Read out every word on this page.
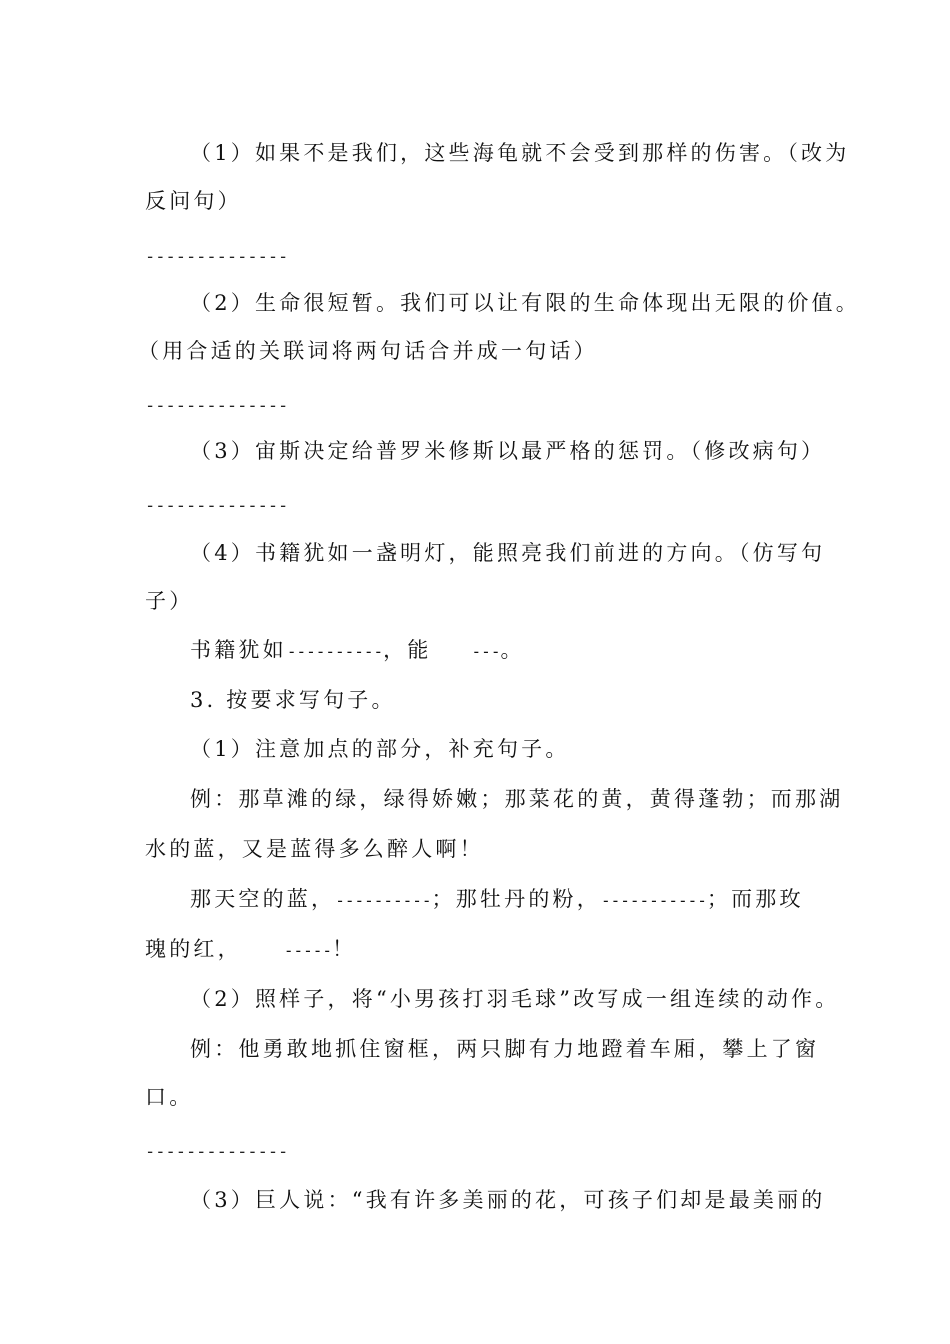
（1）如果不是我们，这些海龟就不会受到那样的伤害。（改为
反问句）
--------------
（2）生命很短暂。我们可以让有限的生命体现出无限的价值。
（用合适的关联词将两句话合并成一句话）
--------------
（3）宙斯决定给普罗米修斯以最严格的惩罚。（修改病句）
--------------
（4）书籍犹如一盏明灯，能照亮我们前进的方向。（仿写句
子）
书籍犹如----------，能	---。
3. 按要求写句子。
（1）注意加点的部分，补充句子。
例：那草滩的绿，绿得娇嫩；那菜花的黄，黄得蓬勃；而那湖
水的蓝，又是蓝得多么醉人啊！
那天空的蓝，----------；那牡丹的粉，-----------；而那玫
瑰的红，	-----！
（2）照样子，将“小男孩打羽毛球”改写成一组连续的动作。
例：他勇敢地抓住窗框，两只脚有力地蹬着车厢，攀上了窗
口。
--------------
（3）巨人说：“我有许多美丽的花，可孩子们却是最美丽的
